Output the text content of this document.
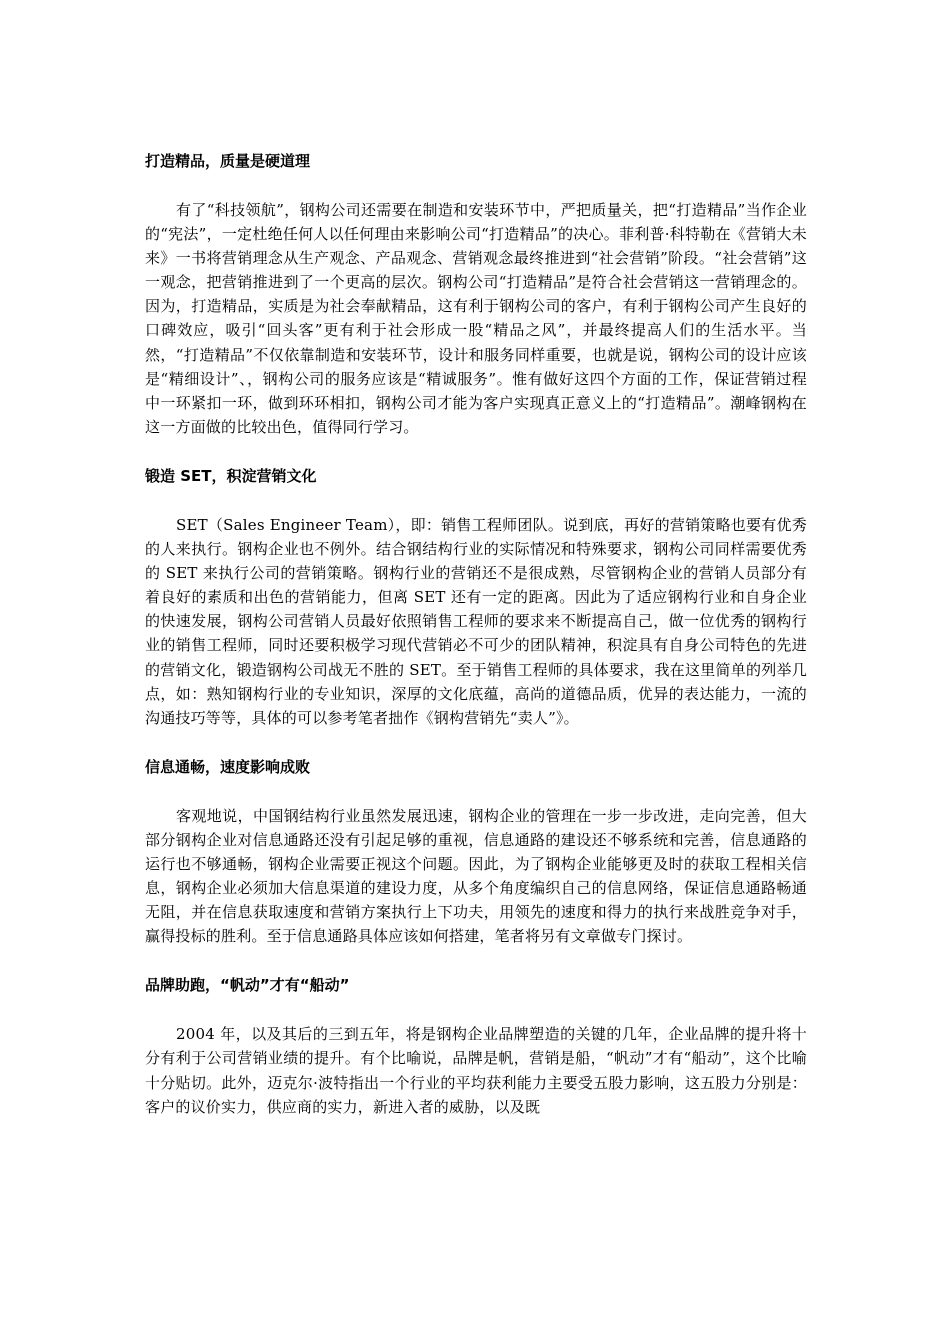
打造精品，质量是硬道理

有了“科技领航”，钢构公司还需要在制造和安装环节中，严把质量关，把“打造精品”当作企业的“宪法”，一定杜绝任何人以任何理由来影响公司“打造精品”的决心。菲利普·科特勒在《营销大未来》一书将营销理念从生产观念、产品观念、营销观念最终推进到“社会营销”阶段。“社会营销”这一观念，把营销推进到了一个更高的层次。钢构公司“打造精品”是符合社会营销这一营销理念的。因为，打造精品，实质是为社会奉献精品，这有利于钢构公司的客户，有利于钢构公司产生良好的口碑效应，吸引“回头客”更有利于社会形成一股“精品之风”，并最终提高人们的生活水平。当然，“打造精品”不仅依靠制造和安装环节，设计和服务同样重要，也就是说，钢构公司的设计应该是“精细设计”、，钢构公司的服务应该是“精诚服务”。惟有做好这四个方面的工作，保证营销过程中一环紧扣一环，做到环环相扣，钢构公司才能为客户实现真正意义上的“打造精品”。潮峰钢构在这一方面做的比较出色，值得同行学习。

锻造 SET，积淀营销文化

SET（Sales Engineer Team），即：销售工程师团队。说到底，再好的营销策略也要有优秀的人来执行。钢构企业也不例外。结合钢结构行业的实际情况和特殊要求，钢构公司同样需要优秀的 SET 来执行公司的营销策略。钢构行业的营销还不是很成熟，尽管钢构企业的营销人员部分有着良好的素质和出色的营销能力，但离 SET 还有一定的距离。因此为了适应钢构行业和自身企业的快速发展，钢构公司营销人员最好依照销售工程师的要求来不断提高自己，做一位优秀的钢构行业的销售工程师，同时还要积极学习现代营销必不可少的团队精神，积淀具有自身公司特色的先进的营销文化，锻造钢构公司战无不胜的 SET。至于销售工程师的具体要求，我在这里简单的列举几点，如：熟知钢构行业的专业知识，深厚的文化底蕴，高尚的道德品质，优异的表达能力，一流的沟通技巧等等，具体的可以参考笔者拙作《钢构营销先“卖人”》。

信息通畅，速度影响成败

客观地说，中国钢结构行业虽然发展迅速，钢构企业的管理在一步一步改进，走向完善，但大部分钢构企业对信息通路还没有引起足够的重视，信息通路的建设还不够系统和完善，信息通路的运行也不够通畅，钢构企业需要正视这个问题。因此，为了钢构企业能够更及时的获取工程相关信息，钢构企业必须加大信息渠道的建设力度，从多个角度编织自己的信息网络，保证信息通路畅通无阻，并在信息获取速度和营销方案执行上下功夫，用领先的速度和得力的执行来战胜竞争对手，赢得投标的胜利。至于信息通路具体应该如何搭建，笔者将另有文章做专门探讨。

品牌助跑，“帆动”才有“船动”

2004 年，以及其后的三到五年，将是钢构企业品牌塑造的关键的几年，企业品牌的提升将十分有利于公司营销业绩的提升。有个比喻说，品牌是帆，营销是船，“帆动”才有“船动”，这个比喻十分贴切。此外，迈克尔·波特指出一个行业的平均获利能力主要受五股力影响，这五股力分别是：客户的议价实力，供应商的实力，新进入者的威胁，以及既
